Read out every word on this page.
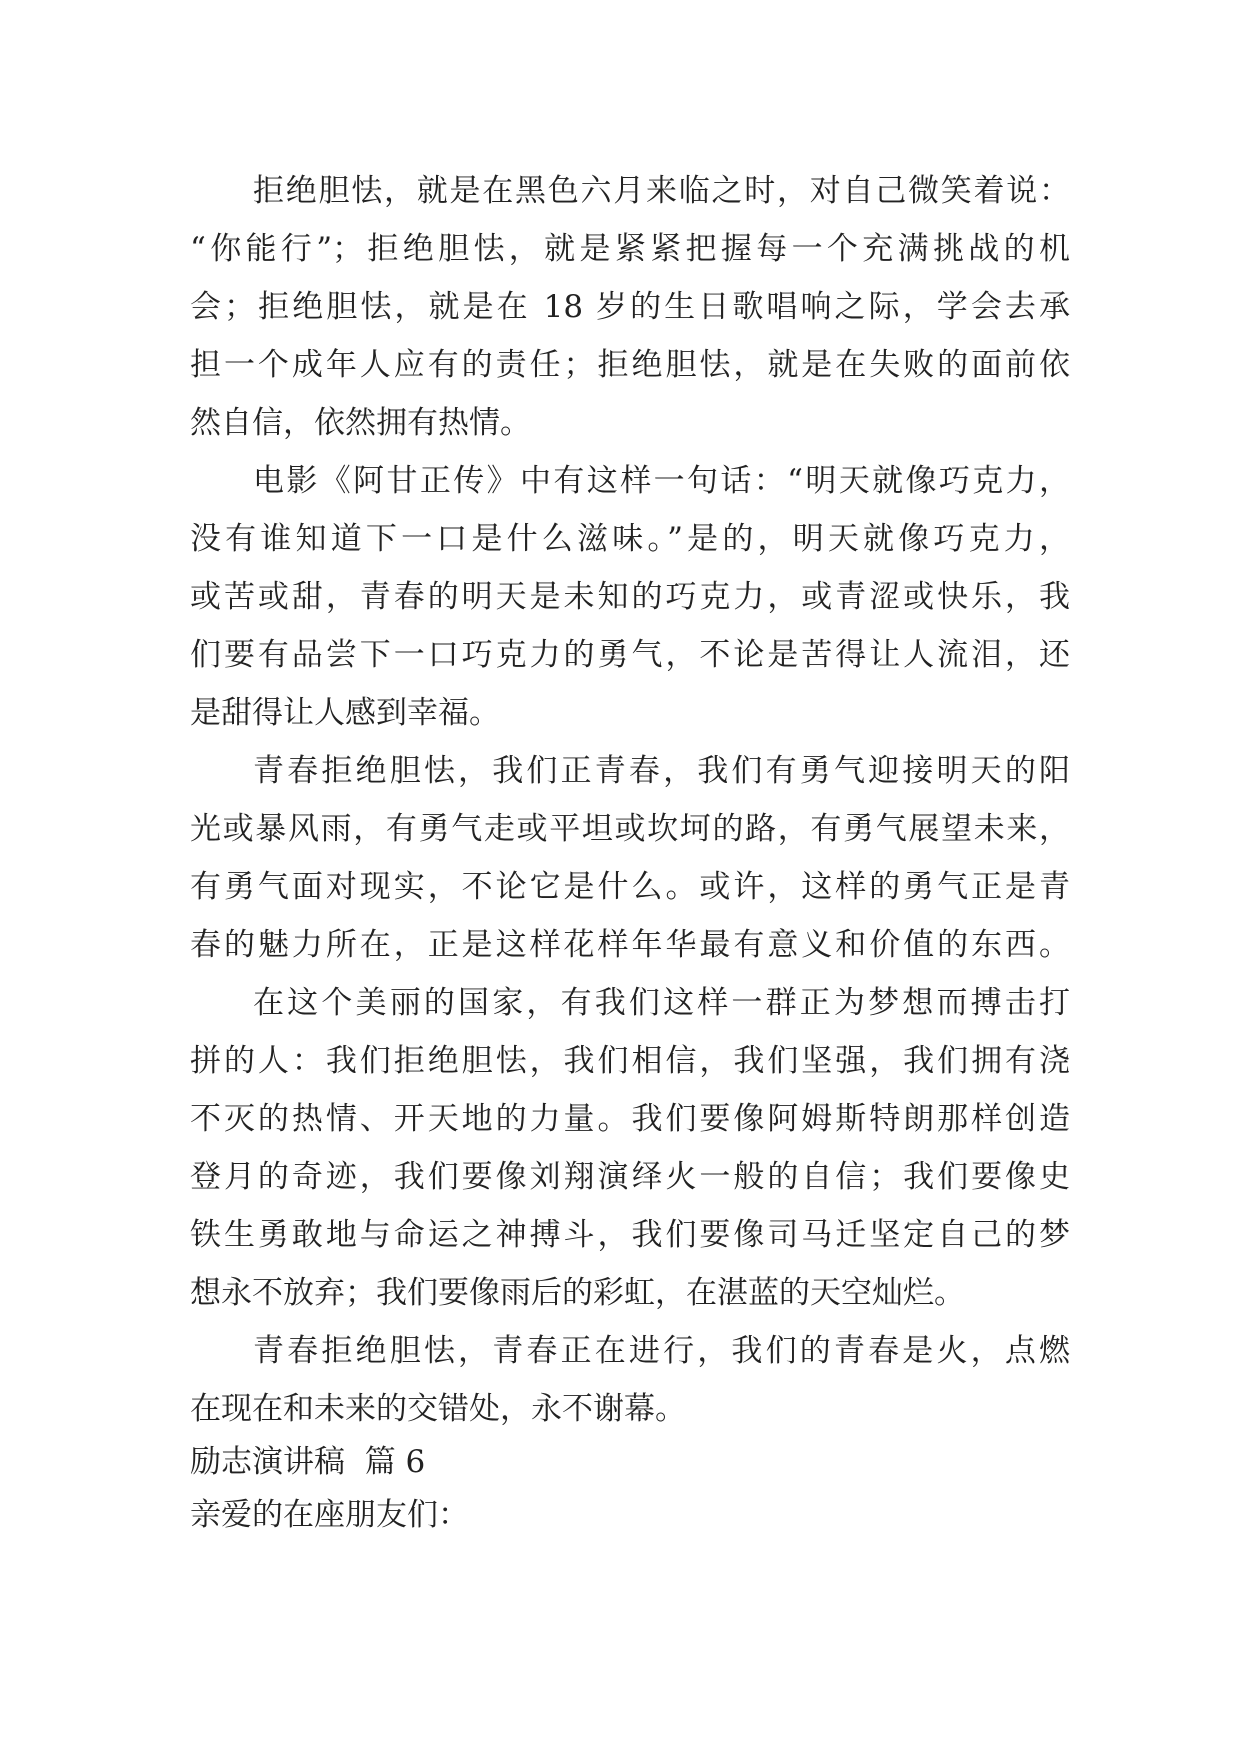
拒绝胆怯，就是在黑色六月来临之时，对自己微笑着说：
“你能行”；拒绝胆怯，就是紧紧把握每一个充满挑战的机
会；拒绝胆怯，就是在 18 岁的生日歌唱响之际，学会去承
担一个成年人应有的责任；拒绝胆怯，就是在失败的面前依
然自信，依然拥有热情。
电影《阿甘正传》中有这样一句话：“明天就像巧克力，
没有谁知道下一口是什么滋味。”是的，明天就像巧克力，
或苦或甜，青春的明天是未知的巧克力，或青涩或快乐，我
们要有品尝下一口巧克力的勇气，不论是苦得让人流泪，还
是甜得让人感到幸福。
青春拒绝胆怯，我们正青春，我们有勇气迎接明天的阳
光或暴风雨，有勇气走或平坦或坎坷的路，有勇气展望未来，
有勇气面对现实，不论它是什么。或许，这样的勇气正是青
春的魅力所在，正是这样花样年华最有意义和价值的东西。
在这个美丽的国家，有我们这样一群正为梦想而搏击打
拼的人：我们拒绝胆怯，我们相信，我们坚强，我们拥有浇
不灭的热情、开天地的力量。我们要像阿姆斯特朗那样创造
登月的奇迹，我们要像刘翔演绎火一般的自信；我们要像史
铁生勇敢地与命运之神搏斗，我们要像司马迁坚定自己的梦
想永不放弃；我们要像雨后的彩虹，在湛蓝的天空灿烂。
青春拒绝胆怯，青春正在进行，我们的青春是火，点燃
在现在和未来的交错处，永不谢幕。
励志演讲稿  篇 6
亲爱的在座朋友们：
